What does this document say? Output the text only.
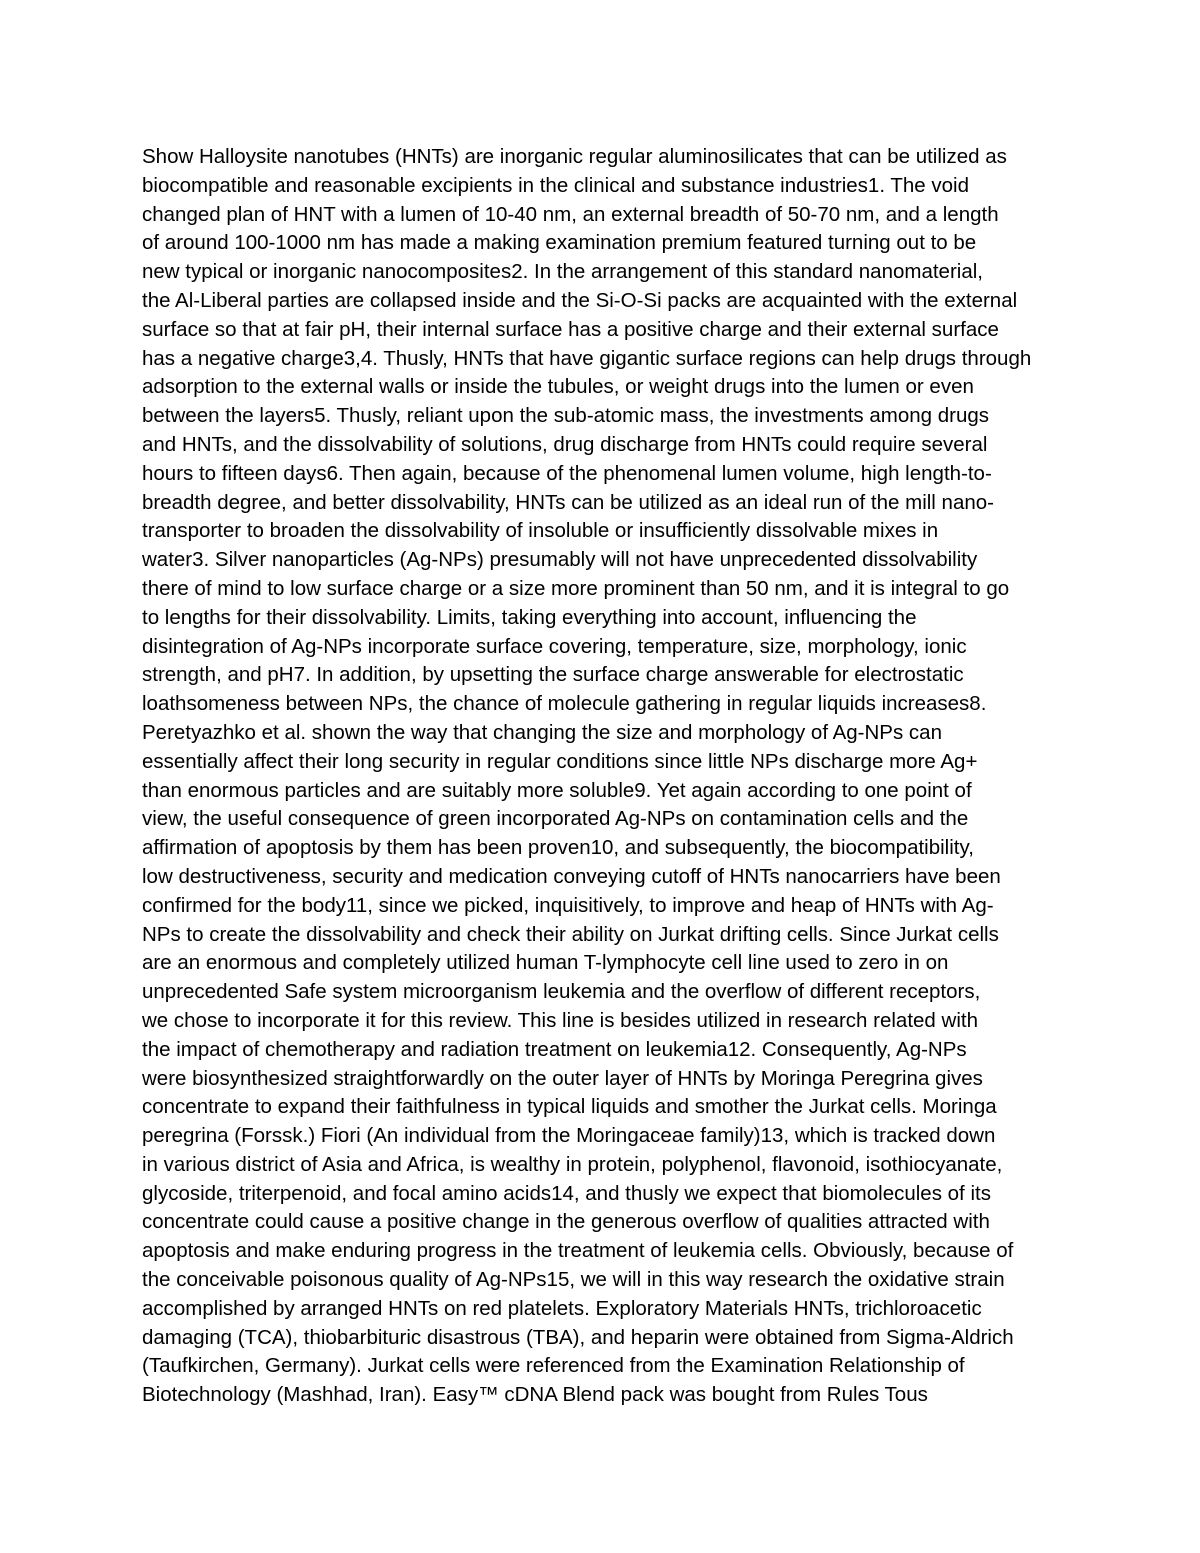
Show Halloysite nanotubes (HNTs) are inorganic regular aluminosilicates that can be utilized as
biocompatible and reasonable excipients in the clinical and substance industries1. The void
changed plan of HNT with a lumen of 10-40 nm, an external breadth of 50-70 nm, and a length
of around 100-1000 nm has made a making examination premium featured turning out to be
new typical or inorganic nanocomposites2. In the arrangement of this standard nanomaterial,
the Al-Liberal parties are collapsed inside and the Si-O-Si packs are acquainted with the external
surface so that at fair pH, their internal surface has a positive charge and their external surface
has a negative charge3,4. Thusly, HNTs that have gigantic surface regions can help drugs through
adsorption to the external walls or inside the tubules, or weight drugs into the lumen or even
between the layers5. Thusly, reliant upon the sub-atomic mass, the investments among drugs
and HNTs, and the dissolvability of solutions, drug discharge from HNTs could require several
hours to fifteen days6. Then again, because of the phenomenal lumen volume, high length-to-
breadth degree, and better dissolvability, HNTs can be utilized as an ideal run of the mill nano-
transporter to broaden the dissolvability of insoluble or insufficiently dissolvable mixes in
water3. Silver nanoparticles (Ag-NPs) presumably will not have unprecedented dissolvability
there of mind to low surface charge or a size more prominent than 50 nm, and it is integral to go
to lengths for their dissolvability. Limits, taking everything into account, influencing the
disintegration of Ag-NPs incorporate surface covering, temperature, size, morphology, ionic
strength, and pH7. In addition, by upsetting the surface charge answerable for electrostatic
loathsomeness between NPs, the chance of molecule gathering in regular liquids increases8.
Peretyazhko et al. shown the way that changing the size and morphology of Ag-NPs can
essentially affect their long security in regular conditions since little NPs discharge more Ag+
than enormous particles and are suitably more soluble9. Yet again according to one point of
view, the useful consequence of green incorporated Ag-NPs on contamination cells and the
affirmation of apoptosis by them has been proven10, and subsequently, the biocompatibility,
low destructiveness, security and medication conveying cutoff of HNTs nanocarriers have been
confirmed for the body11, since we picked, inquisitively, to improve and heap of HNTs with Ag-
NPs to create the dissolvability and check their ability on Jurkat drifting cells. Since Jurkat cells
are an enormous and completely utilized human T-lymphocyte cell line used to zero in on
unprecedented Safe system microorganism leukemia and the overflow of different receptors,
we chose to incorporate it for this review. This line is besides utilized in research related with
the impact of chemotherapy and radiation treatment on leukemia12. Consequently, Ag-NPs
were biosynthesized straightforwardly on the outer layer of HNTs by Moringa Peregrina gives
concentrate to expand their faithfulness in typical liquids and smother the Jurkat cells. Moringa
peregrina (Forssk.) Fiori (An individual from the Moringaceae family)13, which is tracked down
in various district of Asia and Africa, is wealthy in protein, polyphenol, flavonoid, isothiocyanate,
glycoside, triterpenoid, and focal amino acids14, and thusly we expect that biomolecules of its
concentrate could cause a positive change in the generous overflow of qualities attracted with
apoptosis and make enduring progress in the treatment of leukemia cells. Obviously, because of
the conceivable poisonous quality of Ag-NPs15, we will in this way research the oxidative strain
accomplished by arranged HNTs on red platelets. Exploratory Materials HNTs, trichloroacetic
damaging (TCA), thiobarbituric disastrous (TBA), and heparin were obtained from Sigma-Aldrich
(Taufkirchen, Germany). Jurkat cells were referenced from the Examination Relationship of
Biotechnology (Mashhad, Iran). Easy™ cDNA Blend pack was bought from Rules Tous
